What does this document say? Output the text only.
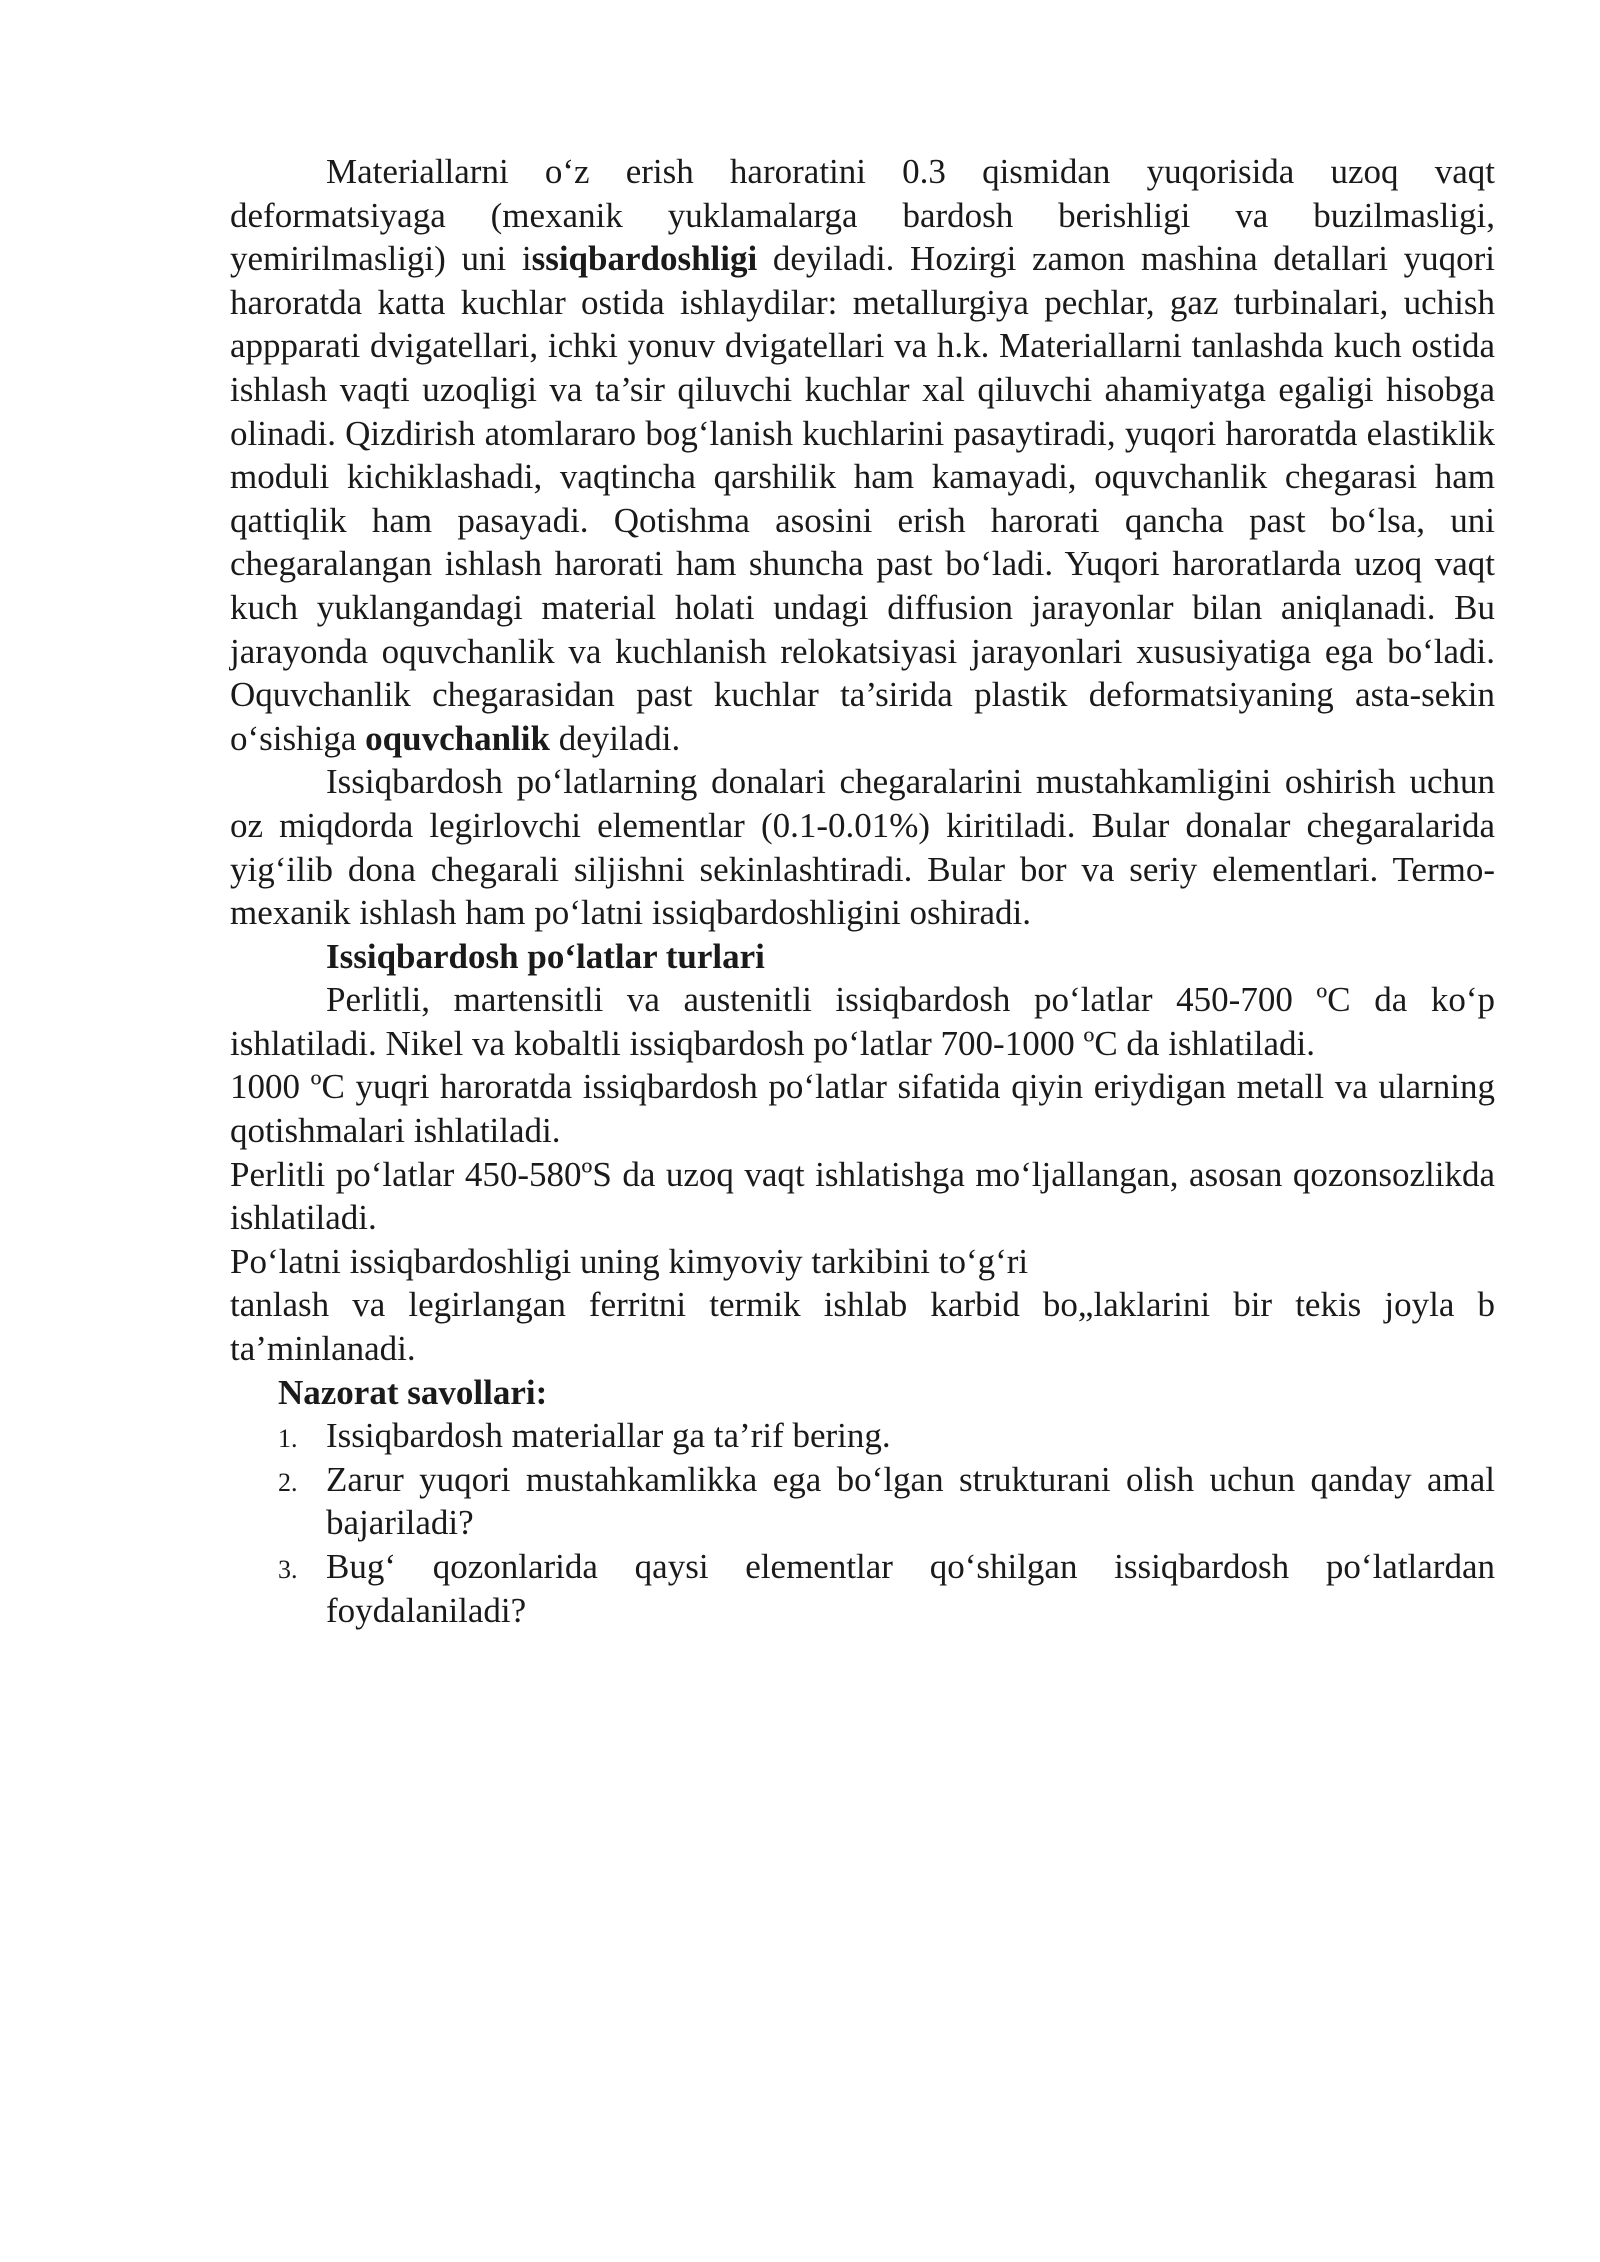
Materiallarni o‘z erish haroratini 0.3 qismidan yuqorisida uzoq vaqt deformatsiyaga (mexanik yuklamalarga bardosh berishligi va buzilmasligi, yemirilmasligi) uni issiqbardoshligi deyiladi. Hozirgi zamon mashina detallari yuqori haroratda katta kuchlar ostida ishlaydilar: metallurgiya pechlar, gaz turbinalari, uchish appparati dvigatellari, ichki yonuv dvigatellari va h.k. Materiallarni tanlashda kuch ostida ishlash vaqti uzoqligi va ta’sir qiluvchi kuchlar xal qiluvchi ahamiyatga egaligi hisobga olinadi. Qizdirish atomlararo bog‘lanish kuchlarini pasaytiradi, yuqori haroratda elastiklik moduli kichiklashadi, vaqtincha qarshilik ham kamayadi, oquvchanlik chegarasi ham qattiqlik ham pasayadi. Qotishma asosini erish harorati qancha past bo‘lsa, uni chegaralangan ishlash harorati ham shuncha past bo‘ladi. Yuqori haroratlarda uzoq vaqt kuch yuklangandagi material holati undagi diffusion jarayonlar bilan aniqlanadi. Bu jarayonda oquvchanlik va kuchlanish relokatsiyasi jarayonlari xususiyatiga ega bo‘ladi. Oquvchanlik chegarasidan past kuchlar ta’sirida plastik deformatsiyaning asta-sekin o‘sishiga oquvchanlik deyiladi.

Issiqbardosh po‘latlarning donalari chegaralarini mustahkamligini oshirish uchun oz miqdorda legirlovchi elementlar (0.1-0.01%) kiritiladi. Bular donalar chegaralarida yig‘ilib dona chegarali siljishni sekinlashtiradi. Bular bor va seriy elementlari. Termo-mexanik ishlash ham po‘latni issiqbardoshligini oshiradi.

Issiqbardosh po‘latlar turlari

Perlitli, martensitli va austenitli issiqbardosh po‘latlar 450-700 ºC da ko‘p ishlatiladi. Nikel va kobaltli issiqbardosh po‘latlar 700-1000 ºC da ishlatiladi.

1000 ºC yuqri haroratda issiqbardosh po‘latlar sifatida qiyin eriydigan metall va ularning qotishmalari ishlatiladi.

Perlitli po‘latlar 450-580ºS da uzoq vaqt ishlatishga mo‘ljallangan, asosan qozonsozlikda ishlatiladi.

Po‘latni issiqbardoshligi uning kimyoviy tarkibini to‘g‘ri

tanlash va legirlangan ferritni termik ishlab karbid bo„laklarini bir tekis joyla b ta’minlanadi.

Nazorat savollari:

1. Issiqbardosh materiallar ga ta’rif bering.
2. Zarur yuqori mustahkamlikka ega bo‘lgan strukturani olish uchun qanday amal bajariladi?
3. Bug‘ qozonlarida qaysi elementlar qo‘shilgan issiqbardosh po‘latlardan foydalaniladi?
